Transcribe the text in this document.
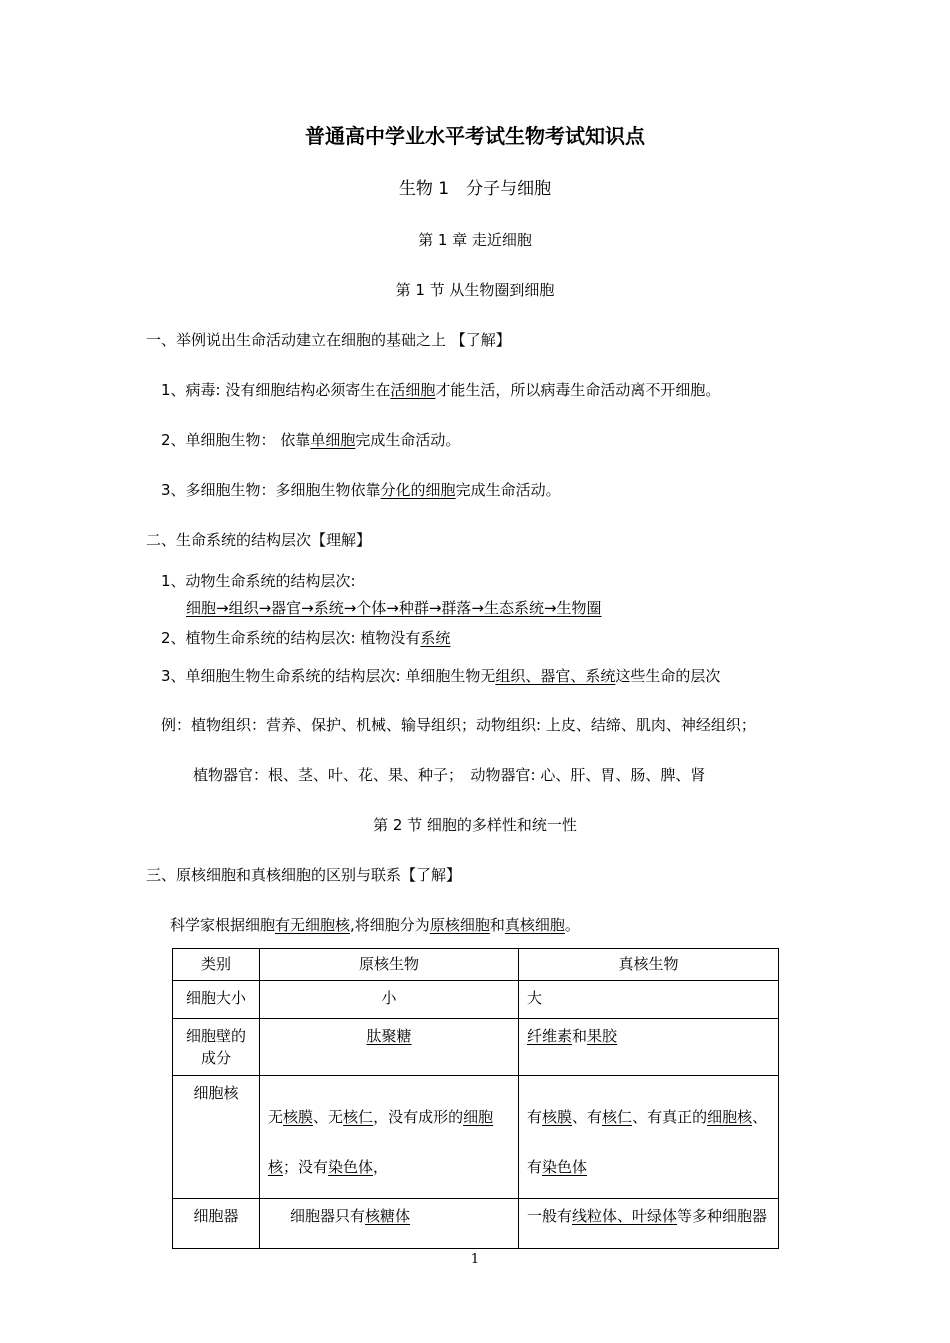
普通高中学业水平考试生物考试知识点
生物 1　分子与细胞
第 1 章 走近细胞
第 1 节 从生物圈到细胞
一、举例说出生命活动建立在细胞的基础之上 【了解】
1、病毒: 没有细胞结构必须寄生在活细胞才能生活，所以病毒生命活动离不开细胞。
2、单细胞生物： 依靠单细胞完成生命活动。
3、多细胞生物：多细胞生物依靠分化的细胞完成生命活动。
二、生命系统的结构层次【理解】
1、动物生命系统的结构层次:
细胞→组织→器官→系统→个体→种群→群落→生态系统→生物圈
2、植物生命系统的结构层次: 植物没有系统
3、单细胞生物生命系统的结构层次: 单细胞生物无组织、器官、系统这些生命的层次
例：植物组织：营养、保护、机械、输导组织；动物组织: 上皮、结缔、肌肉、神经组织；
植物器官：根、茎、叶、花、果、种子；　动物器官: 心、肝、胃、肠、脾、肾
第 2 节 细胞的多样性和统一性
三、原核细胞和真核细胞的区别与联系【了解】
科学家根据细胞有无细胞核,将细胞分为原核细胞和真核细胞。
类别	原核生物	真核生物
细胞大小	小	大
细胞壁的成分	肽聚糖	纤维素和果胶
细胞核	无核膜、无核仁，没有成形的细胞核；没有染色体，	有核膜、有核仁、有真正的细胞核、有染色体
细胞器	细胞器只有核糖体	一般有线粒体、叶绿体等多种细胞器
1
